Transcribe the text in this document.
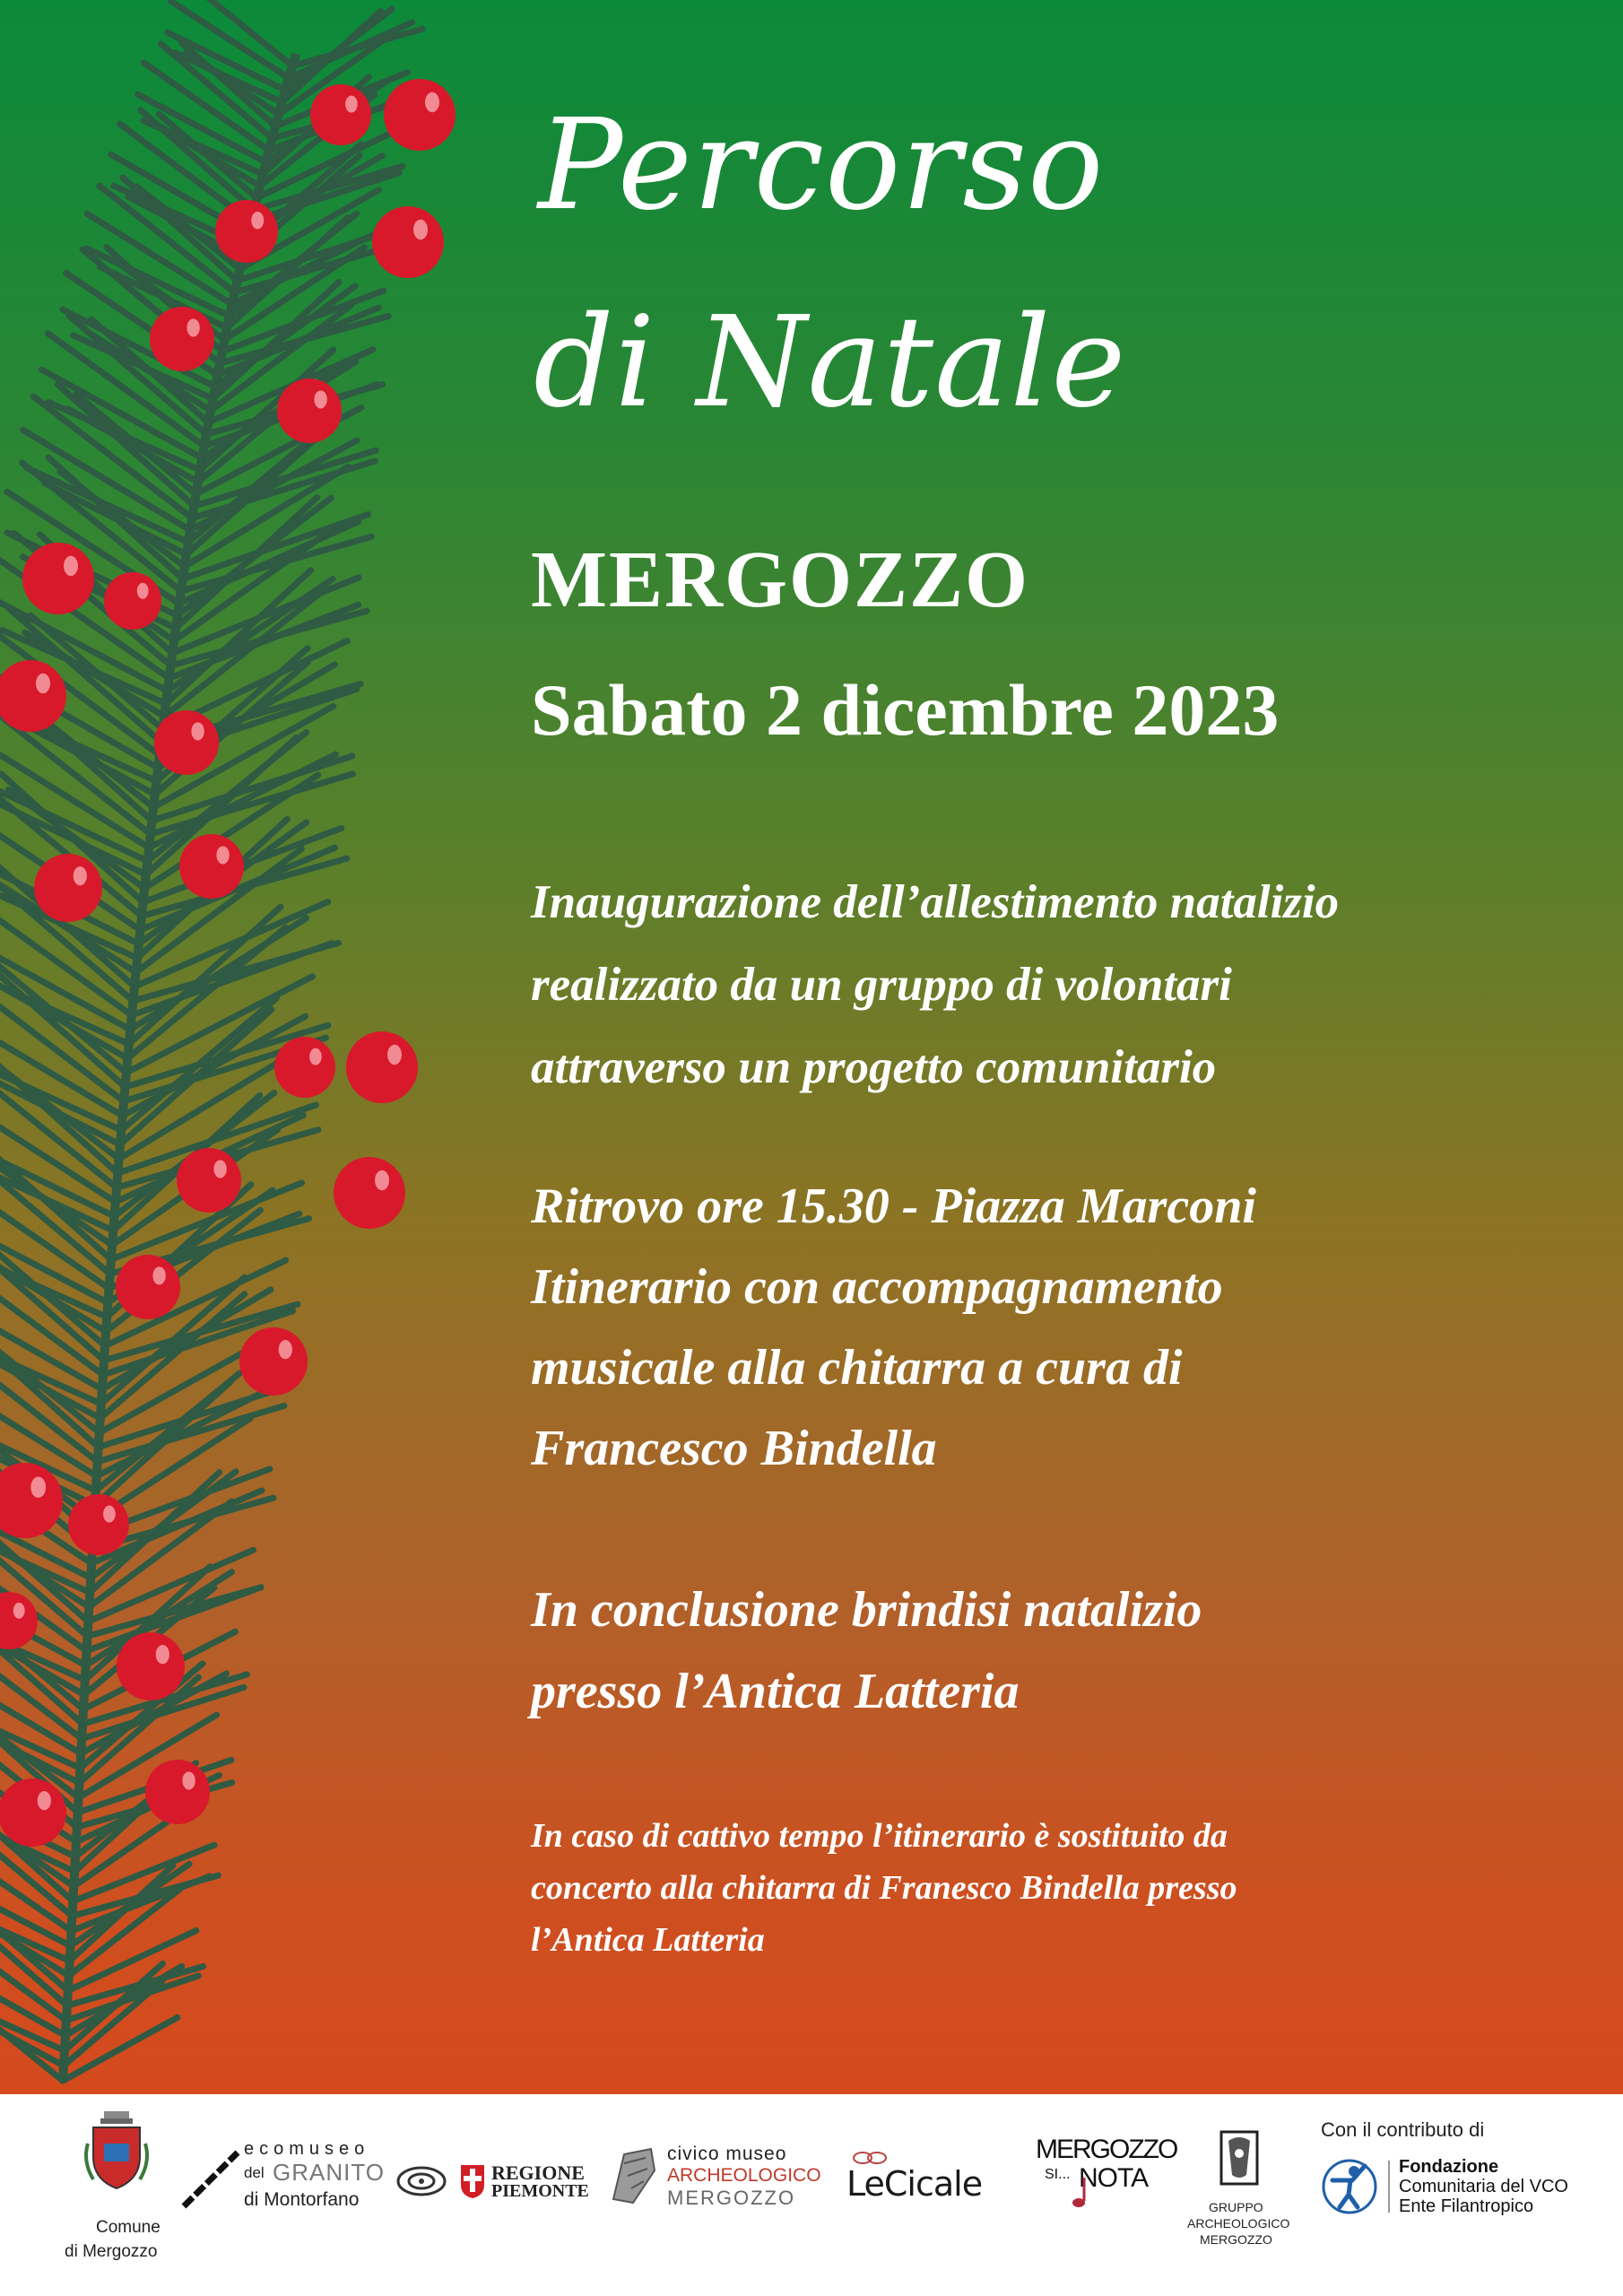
Percorso
di Natale
MERGOZZO
Sabato 2 dicembre 2023
Inaugurazione dell’allestimento natalizio
realizzato da un gruppo di volontari
attraverso un progetto comunitario
Ritrovo ore 15.30 - Piazza Marconi
Itinerario con accompagnamento
musicale alla chitarra a cura di
Francesco Bindella
In conclusione brindisi natalizio
presso l’Antica Latteria
In caso di cattivo tempo l’itinerario è sostituito da
concerto alla chitarra di Franesco Bindella presso
l’Antica Latteria
Comune
di Mergozzo
ecomuseo
del GRANITO
di Montorfano
REGIONE
PIEMONTE
civico museo
ARCHEOLOGICO
MERGOZZO LeCicale
MERGOZZO
SI... NOTA
GRUPPO
ARCHEOLOGICO
MERGOZZO
Con il contributo di
Fondazione
Comunitaria del VCO
Ente Filantropico
